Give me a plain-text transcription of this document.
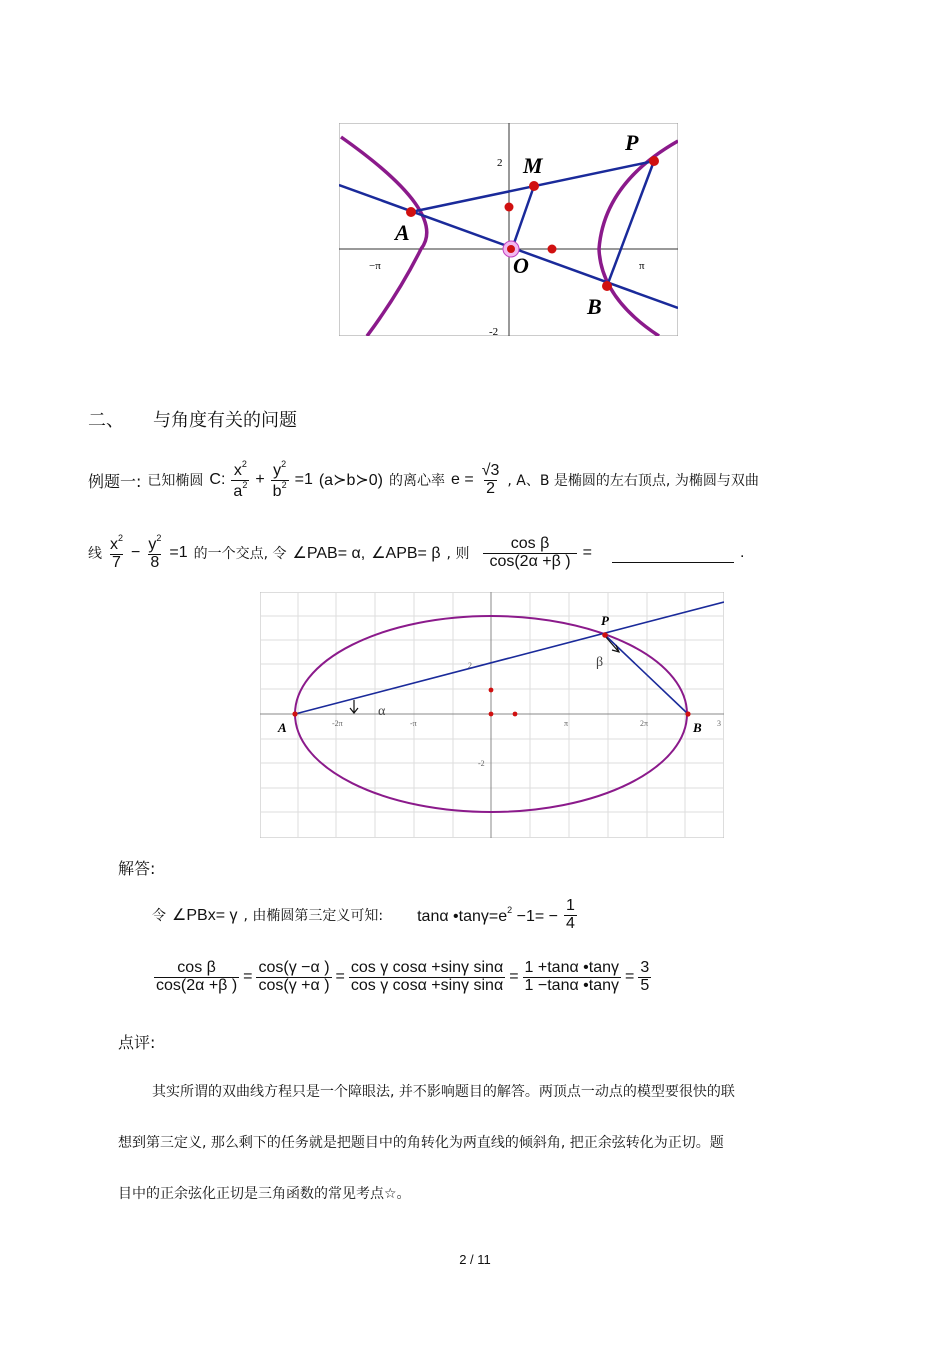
2
-2
−π	π
P
M
A
O
B
二、 与角度有关的问题
例题一: 已知椭圆 C: $\frac{x^2}{a^2} + \frac{y^2}{b^2} =1$ (a≻b≻0) 的离心率 $e = \frac{√3}{2}$ , A、B 是椭圆的左右顶点, 为椭圆与双曲
线 $\frac{x^2}{7} - \frac{y^2}{8} =1$ 的一个交点, 令 ∠PAB= α, ∠APB= β , 则 $\frac{\text{cos β}}{\cos(2\alpha +\beta )}$ =	.
2
-2
2π
π
-2π	-π	3
P
A	B
α
β
解答:
令 ∠PBx= γ , 由椭圆第三定义可知: tanα $•\tan\gamma=e^2 -1= - \frac{1}{4}$
$\frac{\text{cos β}}{\cos(2\alpha +\beta )} = \frac{\cos(\gamma -\alpha )}{\cos(\gamma +\alpha )} = \frac{\text{cos γ cosα +sinγ sinα}}{\text{cos γ cosα +sinγ sinα}} = \frac{1 +\tan\alpha •\tan\gamma}{1 -\tan\alpha •\tan\gamma} = \frac{3}{5}$
点评:
其实所谓的双曲线方程只是一个障眼法, 并不影响题目的解答。两顶点一动点的模型要很快的联
想到第三定义, 那么剩下的任务就是把题目中的角转化为两直线的倾斜角, 把正余弦转化为正切。题
目中的正余弦化正切是三角函数的常见考点☆。
2 / 11
